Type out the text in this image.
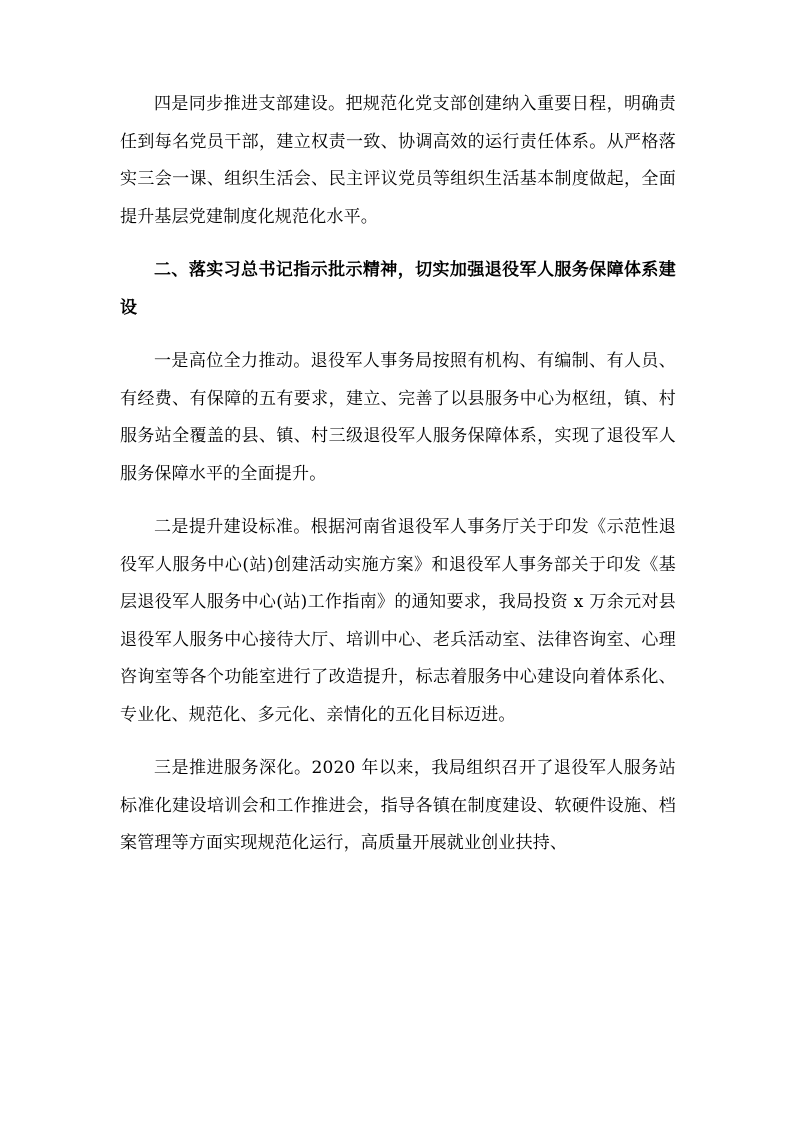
四是同步推进支部建设。把规范化党支部创建纳入重要日程，明确责任到每名党员干部，建立权责一致、协调高效的运行责任体系。从严格落实三会一课、组织生活会、民主评议党员等组织生活基本制度做起，全面提升基层党建制度化规范化水平。

二、落实习总书记指示批示精神，切实加强退役军人服务保障体系建设

一是高位全力推动。退役军人事务局按照有机构、有编制、有人员、有经费、有保障的五有要求，建立、完善了以县服务中心为枢纽，镇、村服务站全覆盖的县、镇、村三级退役军人服务保障体系，实现了退役军人服务保障水平的全面提升。

二是提升建设标准。根据河南省退役军人事务厅关于印发《示范性退役军人服务中心(站)创建活动实施方案》和退役军人事务部关于印发《基层退役军人服务中心(站)工作指南》的通知要求，我局投资 x 万余元对县退役军人服务中心接待大厅、培训中心、老兵活动室、法律咨询室、心理咨询室等各个功能室进行了改造提升，标志着服务中心建设向着体系化、专业化、规范化、多元化、亲情化的五化目标迈进。

三是推进服务深化。2020 年以来，我局组织召开了退役军人服务站标准化建设培训会和工作推进会，指导各镇在制度建设、软硬件设施、档案管理等方面实现规范化运行，高质量开展就业创业扶持、
